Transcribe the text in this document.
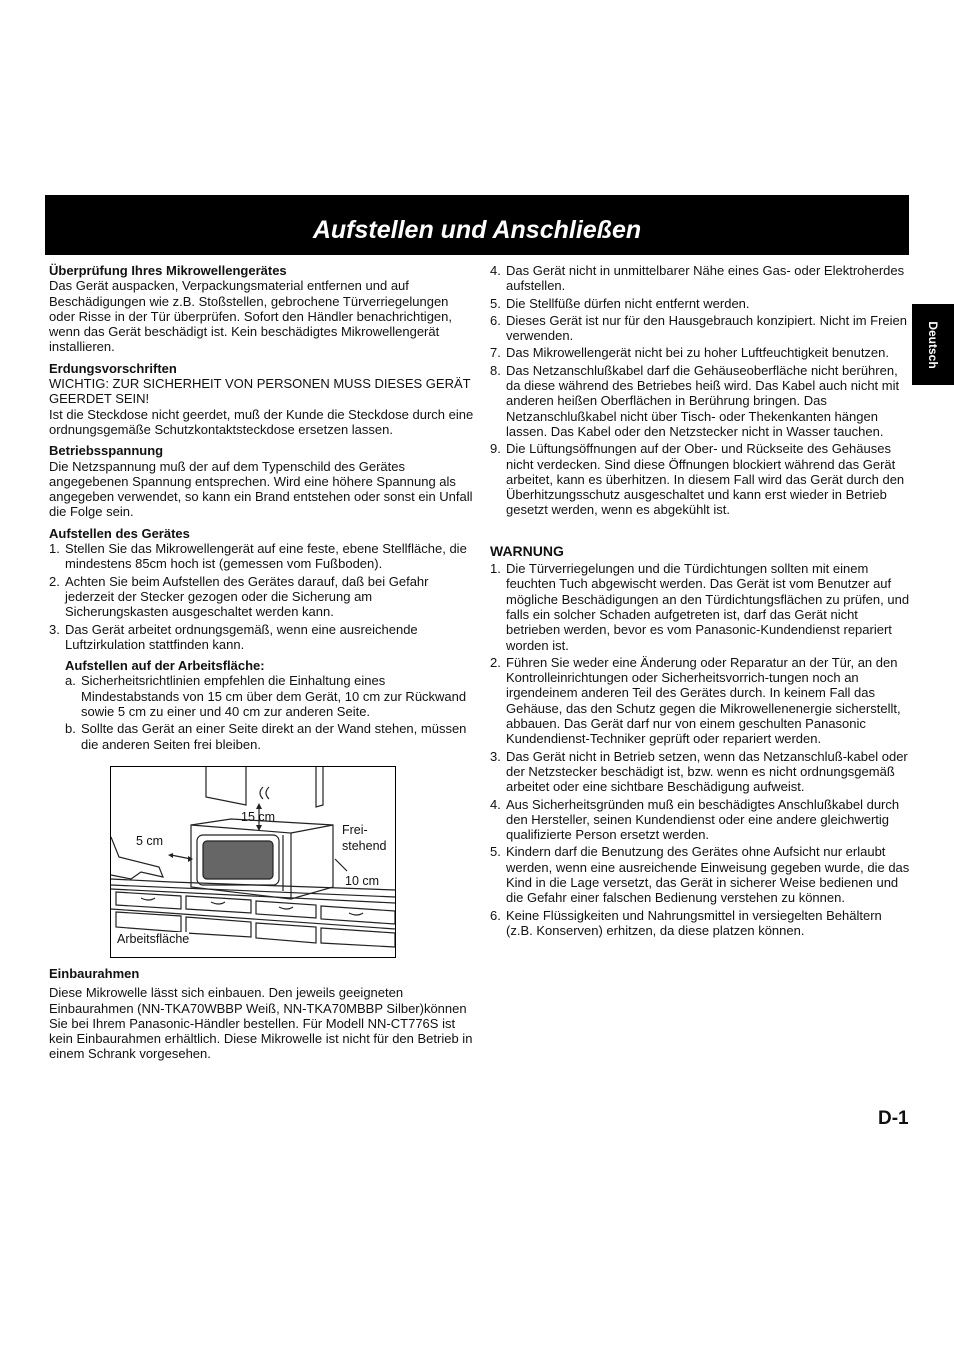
Aufstellen und Anschließen
Deutsch
Überprüfung Ihres Mikrowellengerätes

Das Gerät auspacken, Verpackungsmaterial entfernen und auf Beschädigungen wie z.B. Stoßstellen, gebrochene Türverriegelungen oder Risse in der Tür überprüfen. Sofort den Händler benachrichtigen, wenn das Gerät beschädigt ist. Kein beschädigtes Mikrowellengerät installieren.

Erdungsvorschriften

WICHTIG: ZUR SICHERHEIT VON PERSONEN MUSS DIESES GERÄT GEERDET SEIN!

Ist die Steckdose nicht geerdet, muß der Kunde die Steckdose durch eine ordnungsgemäße Schutzkontaktsteckdose ersetzen lassen.

Betriebsspannung

Die Netzspannung muß der auf dem Typenschild des Gerätes angegebenen Spannung entsprechen. Wird eine höhere Spannung als angegeben verwendet, so kann ein Brand entstehen oder sonst ein Unfall die Folge sein.

Aufstellen des Gerätes
1. Stellen Sie das Mikrowellengerät auf eine feste, ebene Stellfläche, die mindestens 85cm hoch ist (gemessen vom Fußboden).
2. Achten Sie beim Aufstellen des Gerätes darauf, daß bei Gefahr jederzeit der Stecker gezogen oder die Sicherung am Sicherungskasten ausgeschaltet werden kann.
3. Das Gerät arbeitet ordnungsgemäß, wenn eine ausreichende Luftzirkulation stattfinden kann.
Aufstellen auf der Arbeitsfläche:
a. Sicherheitsrichtlinien empfehlen die Einhaltung eines Mindestabstands von 15 cm über dem Gerät, 10 cm zur Rückwand sowie 5 cm zu einer und 40 cm zur anderen Seite.
b. Sollte das Gerät an einer Seite direkt an der Wand stehen, müssen die anderen Seiten frei bleiben.
15 cm
5 cm
Frei-
stehend
10 cm
Arbeitsfläche
Einbaurahmen

Diese Mikrowelle lässt sich einbauen. Den jeweils geeigneten Einbaurahmen (NN-TKA70WBBP Weiß, NN-TKA70MBBP Silber)können Sie bei Ihrem Panasonic-Händler bestellen. Für Modell NN-CT776S ist kein Einbaurahmen erhältlich. Diese Mikrowelle ist nicht für den Betrieb in einem Schrank vorgesehen.

4. Das Gerät nicht in unmittelbarer Nähe eines Gas- oder Elektroherdes aufstellen.
5. Die Stellfüße dürfen nicht entfernt werden.
6. Dieses Gerät ist nur für den Hausgebrauch konzipiert. Nicht im Freien verwenden.
7. Das Mikrowellengerät nicht bei zu hoher Luftfeuchtigkeit benutzen.
8. Das Netzanschlußkabel darf die Gehäuseoberfläche nicht berühren, da diese während des Betriebes heiß wird. Das Kabel auch nicht mit anderen heißen Oberflächen in Berührung bringen. Das Netzanschlußkabel nicht über Tisch- oder Thekenkanten hängen lassen. Das Kabel oder den Netzstecker nicht in Wasser tauchen.
9. Die Lüftungsöffnungen auf der Ober- und Rückseite des Gehäuses nicht verdecken. Sind diese Öffnungen blockiert während das Gerät arbeitet, kann es überhitzen. In diesem Fall wird das Gerät durch den Überhitzungsschutz ausgeschaltet und kann erst wieder in Betrieb gesetzt werden, wenn es abgekühlt ist.
WARNUNG
1. Die Türverriegelungen und die Türdichtungen sollten mit einem feuchten Tuch abgewischt werden. Das Gerät ist vom Benutzer auf mögliche Beschädigungen an den Türdichtungsflächen zu prüfen, und falls ein solcher Schaden aufgetreten ist, darf das Gerät nicht betrieben werden, bevor es vom Panasonic-Kundendienst repariert worden ist.
2. Führen Sie weder eine Änderung oder Reparatur an der Tür, an den Kontrolleinrichtungen oder Sicherheitsvorrich-tungen noch an irgendeinem anderen Teil des Gerätes durch. In keinem Fall das Gehäuse, das den Schutz gegen die Mikrowellenenergie sicherstellt, abbauen. Das Gerät darf nur von einem geschulten Panasonic Kundendienst-Techniker geprüft oder repariert werden.
3. Das Gerät nicht in Betrieb setzen, wenn das Netzanschluß-kabel oder der Netzstecker beschädigt ist, bzw. wenn es nicht ordnungsgemäß arbeitet oder eine sichtbare Beschädigung aufweist.
4. Aus Sicherheitsgründen muß ein beschädigtes Anschlußkabel durch den Hersteller, seinen Kundendienst oder eine andere gleichwertig qualifizierte Person ersetzt werden.
5. Kindern darf die Benutzung des Gerätes ohne Aufsicht nur erlaubt werden, wenn eine ausreichende Einweisung gegeben wurde, die das Kind in die Lage versetzt, das Gerät in sicherer Weise bedienen und die Gefahr einer falschen Bedienung verstehen zu können.
6. Keine Flüssigkeiten und Nahrungsmittel in versiegelten Behältern (z.B. Konserven) erhitzen, da diese platzen können.
D-1
